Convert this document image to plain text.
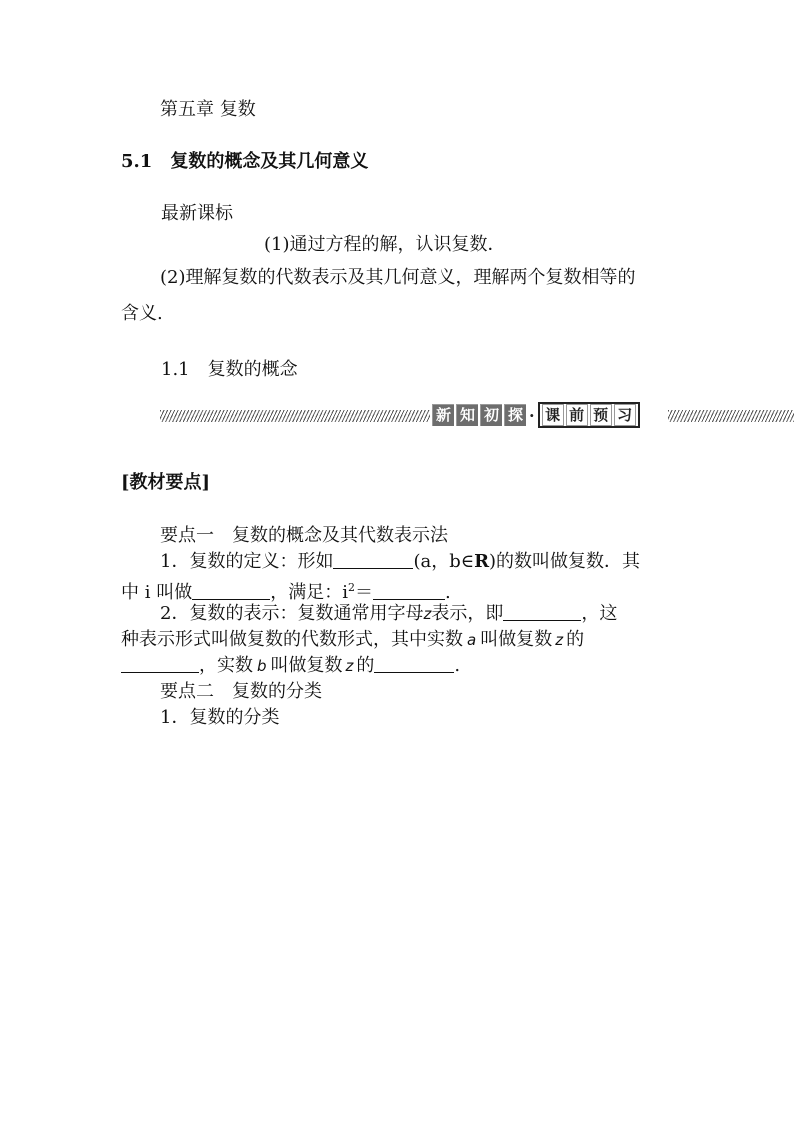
第五章 复数
5.1　复数的概念及其几何意义
最新课标
(1)通过方程的解，认识复数．
(2)理解复数的代数表示及其几何意义，理解两个复数相等的
含义.
1.1　复数的概念
新 知 初 探 · 课 前 预 习
[教材要点]
要点一　复数的概念及其代数表示法
1．复数的定义：形如	(a，b∈R)的数叫做复数．其
中 i 叫做	，满足：$i^2=$	.
2．复数的表示：复数通常用字母z表示，即	，这
种表示形式叫做复数的代数形式，其中实数 a 叫做复数 z 的
，实数 b 叫做复数 z 的	.
要点二　复数的分类
1．复数的分类
